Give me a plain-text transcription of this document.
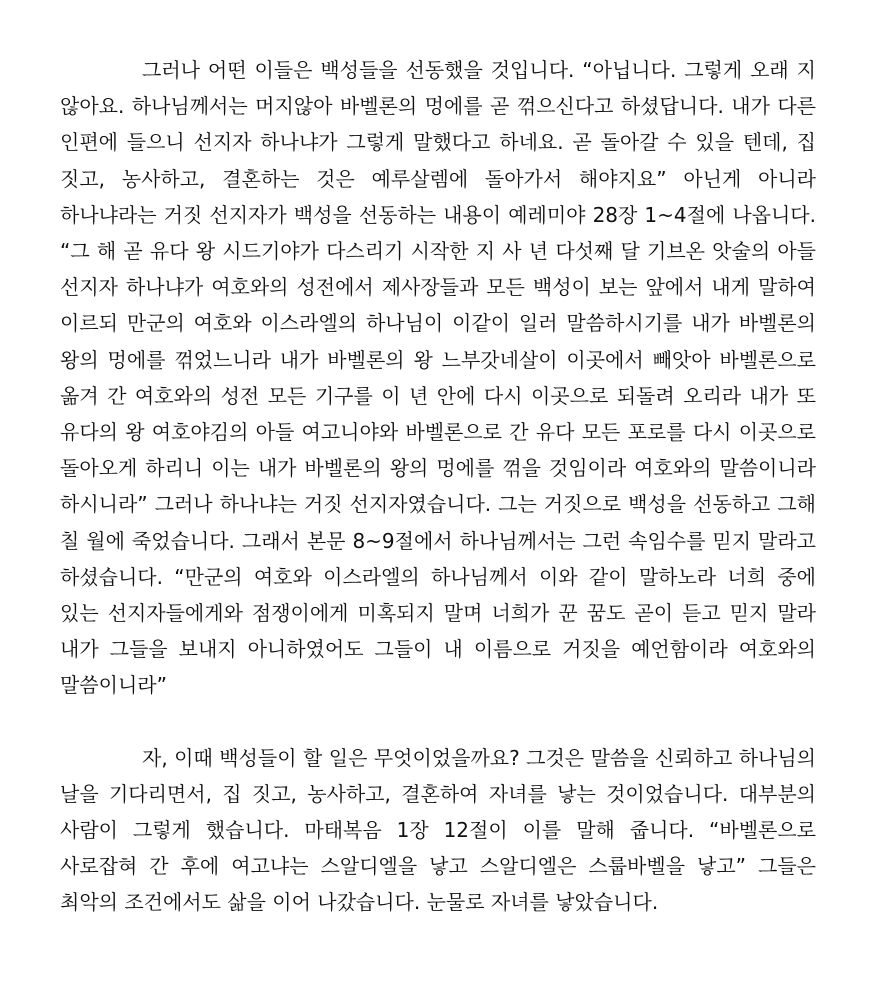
그러나 어떤 이들은 백성들을 선동했을 것입니다. “아닙니다. 그렇게 오래 지 않아요. 하나님께서는 머지않아 바벨론의 멍에를 곧 꺾으신다고 하셨답니다. 내가 다른 인편에 들으니 선지자 하나냐가 그렇게 말했다고 하네요. 곧 돌아갈 수 있을 텐데, 집 짓고, 농사하고, 결혼하는 것은 예루살렘에 돌아가서 해야지요” 아닌게 아니라 하나냐라는 거짓 선지자가 백성을 선동하는 내용이 예레미야 28장 1~4절에 나옵니다. “그 해 곧 유다 왕 시드기야가 다스리기 시작한 지 사 년 다섯째 달 기브온 앗술의 아들 선지자 하나냐가 여호와의 성전에서 제사장들과 모든 백성이 보는 앞에서 내게 말하여 이르되 만군의 여호와 이스라엘의 하나님이 이같이 일러 말씀하시기를 내가 바벨론의 왕의 멍에를 꺾었느니라 내가 바벨론의 왕 느부갓네살이 이곳에서 빼앗아 바벨론으로 옮겨 간 여호와의 성전 모든 기구를 이 년 안에 다시 이곳으로 되돌려 오리라 내가 또 유다의 왕 여호야김의 아들 여고니야와 바벨론으로 간 유다 모든 포로를 다시 이곳으로 돌아오게 하리니 이는 내가 바벨론의 왕의 멍에를 꺾을 것임이라 여호와의 말씀이니라 하시니라” 그러나 하나냐는 거짓 선지자였습니다. 그는 거짓으로 백성을 선동하고 그해 칠 월에 죽었습니다. 그래서 본문 8~9절에서 하나님께서는 그런 속임수를 믿지 말라고 하셨습니다. “만군의 여호와 이스라엘의 하나님께서 이와 같이 말하노라 너희 중에 있는 선지자들에게와 점쟁이에게 미혹되지 말며 너희가 꾼 꿈도 곧이 듣고 믿지 말라 내가 그들을 보내지 아니하였어도 그들이 내 이름으로 거짓을 예언함이라 여호와의 말씀이니라”

자, 이때 백성들이 할 일은 무엇이었을까요? 그것은 말씀을 신뢰하고 하나님의 날을 기다리면서, 집 짓고, 농사하고, 결혼하여 자녀를 낳는 것이었습니다. 대부분의 사람이 그렇게 했습니다. 마태복음 1장 12절이 이를 말해 줍니다. “바벨론으로 사로잡혀 간 후에 여고냐는 스알디엘을 낳고 스알디엘은 스룹바벨을 낳고” 그들은 최악의 조건에서도 삶을 이어 나갔습니다. 눈물로 자녀를 낳았습니다.
